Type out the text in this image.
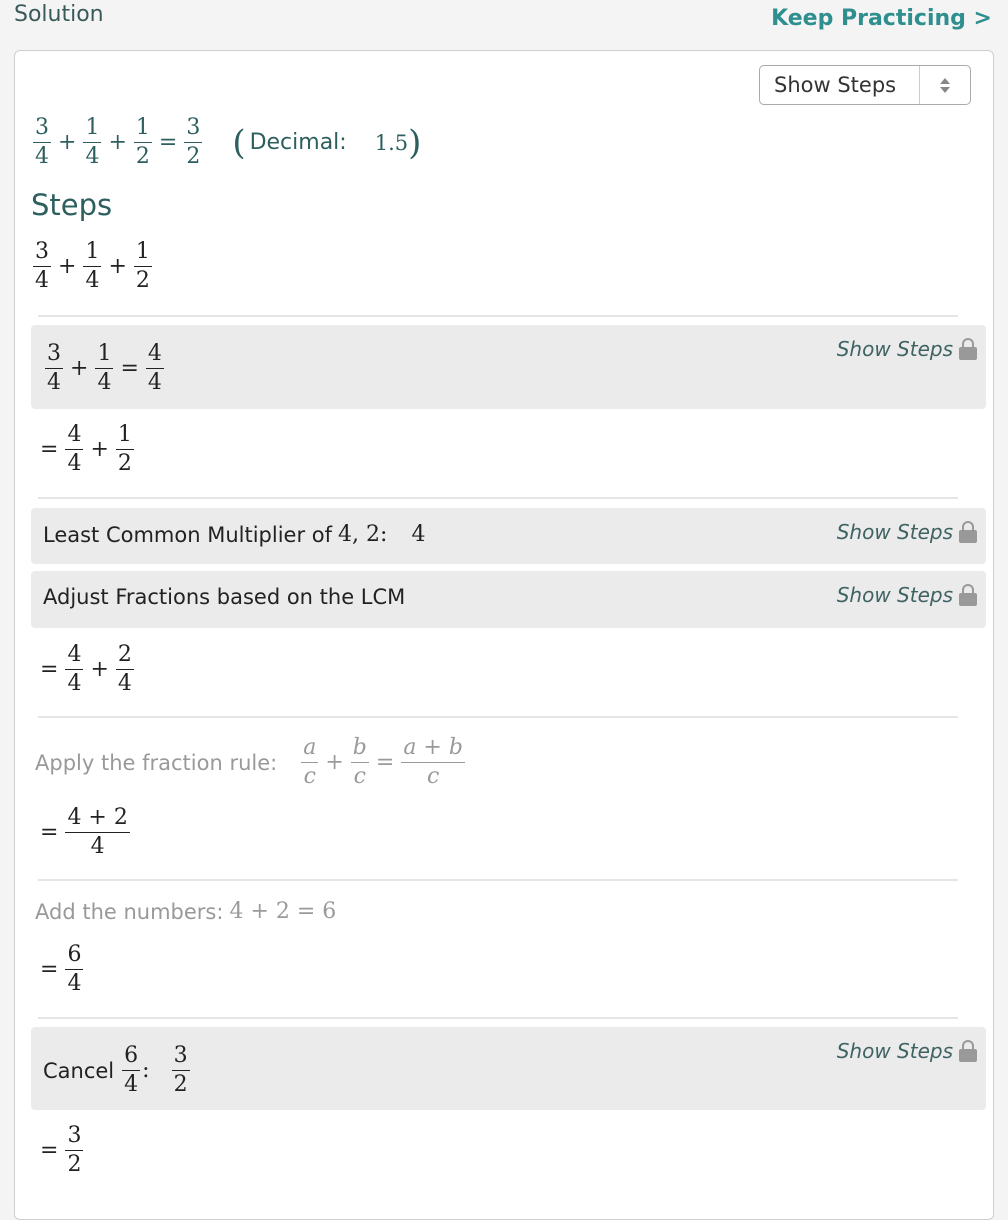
Solution	Keep Practicing >
Show Steps
$\frac{3}{4} + \frac{1}{4} + \frac{1}{2} = \frac{3}{2}$ ( Decimal: 1.5 )
Steps
$\frac{3}{4} + \frac{1}{4} + \frac{1}{2}$
$\frac{3}{4} + \frac{1}{4} = \frac{4}{4}$	Show Steps
= $\frac{4}{4} + \frac{1}{2}$
Least Common Multiplier of 4, 2: 4	Show Steps
Adjust Fractions based on the LCM	Show Steps
= $\frac{4}{4} + \frac{2}{4}$
Apply the fraction rule: $\frac{a}{c} + \frac{b}{c} = \frac{a + b}{c}$
= $\frac{4 + 2}{4}$
Add the numbers: 4 + 2 = 6
= $\frac{6}{4}$
Cancel $\frac{6}{4}$ : $\frac{3}{2}$	Show Steps
= $\frac{3}{2}$
